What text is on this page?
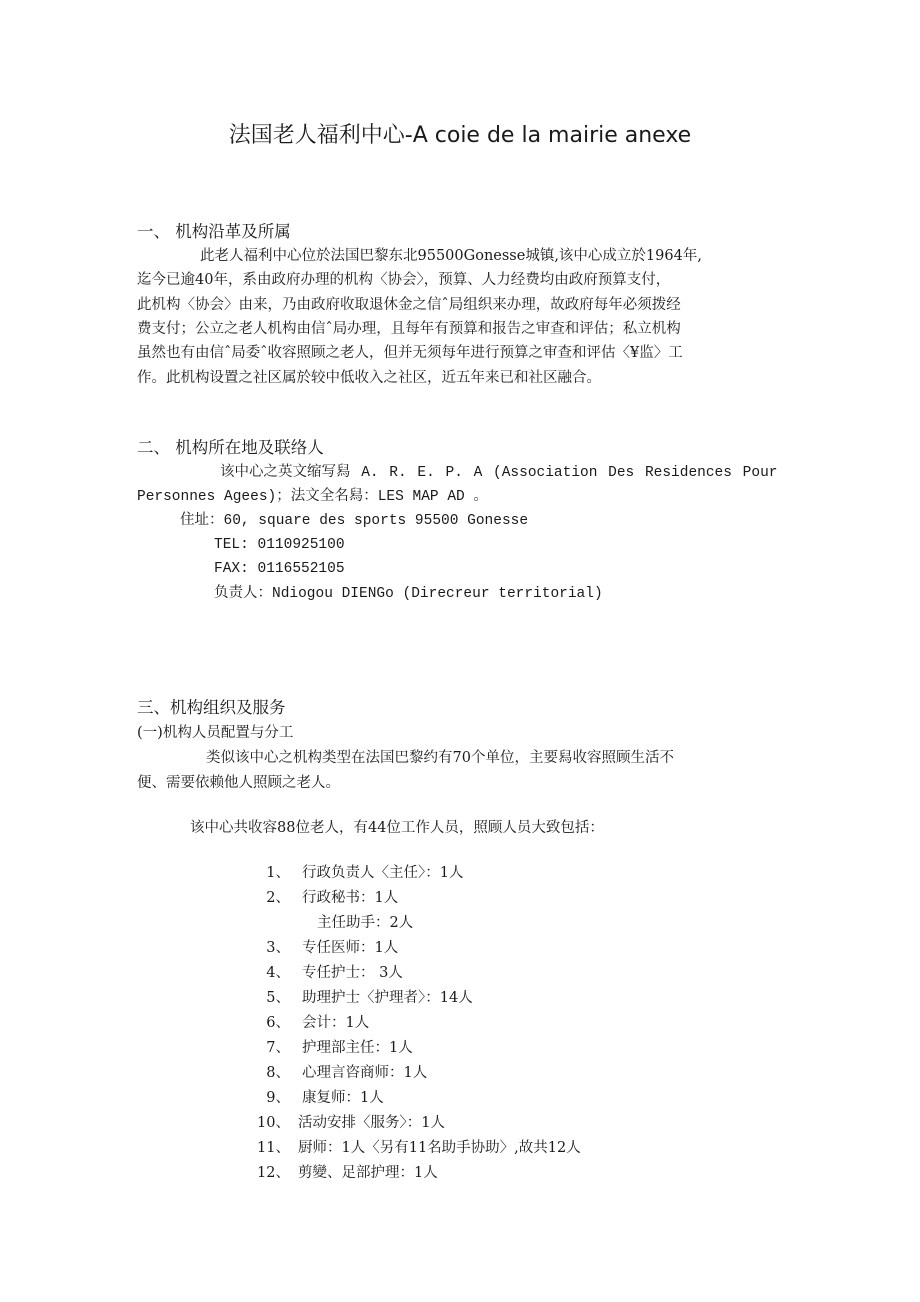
法国老人福利中心-A coie de la mairie anexe
一、 机构沿革及所属
此老人福利中心位於法国巴黎东北95500Gonesse城镇,该中心成立於1964年,
迄今已逾40年，系由政府办理的机构〈协会〉，预算、人力经费均由政府预算支付，
此机构〈协会〉由来，乃由政府收取退休金之信ˆ局组织来办理，故政府每年必须拨经
费支付；公立之老人机构由信ˆ局办理，且每年有预算和报告之审查和评估；私立机构
虽然也有由信ˆ局委ˆ收容照顾之老人，但并无须每年进行预算之审查和评估〈¥监〉工
作。此机构设置之社区属於较中低收入之社区，近五年来已和社区融合。
二、 机构所在地及联络人
该中心之英文缩写舄 A. R. E. P. A (Association Des Residences Pour
Personnes Agees)；法文全名舄：LES MAP AD 。
住址：60, square des sports 95500 Gonesse
TEL: 0110925100
FAX: 0116552105
负责人：Ndiogou DIENGo (Direcreur territorial)
三、机构组织及服务
(一)机构人员配置与分工
类似该中心之机构类型在法国巴黎约有70个单位，主要舄收容照顾生活不
便、需要依赖他人照顾之老人。
该中心共收容88位老人，有44位工作人员，照顾人员大致包括：
1、 行政负责人〈主任〉：1人
2、 行政秘书：1人
主任助手：2人
3、 专任医师：1人
4、 专任护士： 3人
5、 助理护士〈护理者〉：14人
6、 会计：1人
7、 护理部主任：1人
8、 心理言咨商师：1人
9、 康复师：1人
10、 活动安排〈服务〉：1人
11、 厨师：1人〈另有11名助手协助〉,故共12人
12、 剪變、足部护理：1人
